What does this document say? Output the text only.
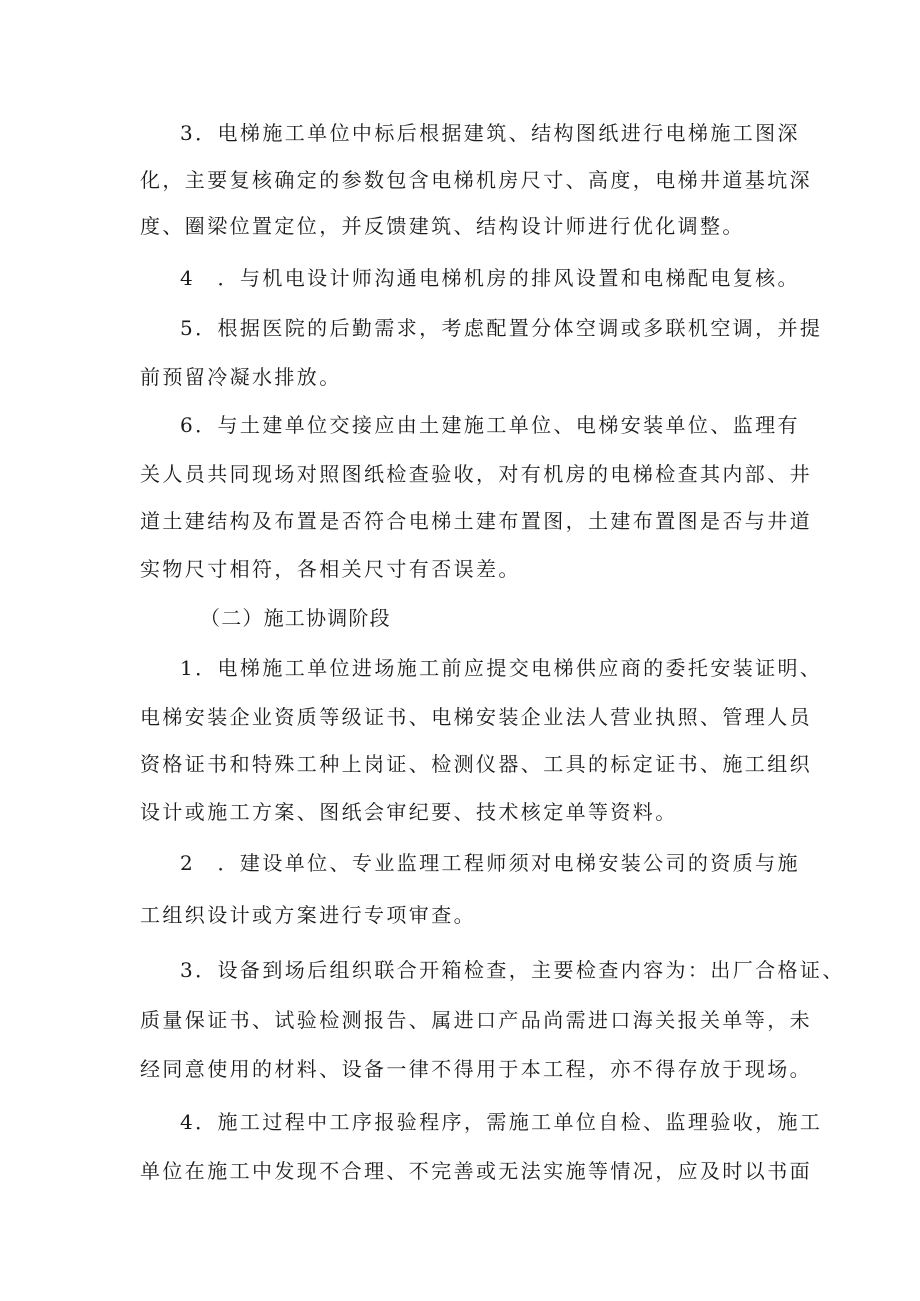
3．电梯施工单位中标后根据建筑、结构图纸进行电梯施工图深
化，主要复核确定的参数包含电梯机房尺寸、高度，电梯井道基坑深
度、圈梁位置定位，并反馈建筑、结构设计师进行优化调整。
4　．与机电设计师沟通电梯机房的排风设置和电梯配电复核。
5．根据医院的后勤需求，考虑配置分体空调或多联机空调，并提
前预留冷凝水排放。
6．与土建单位交接应由土建施工单位、电梯安装单位、监理有
关人员共同现场对照图纸检查验收，对有机房的电梯检查其内部、井
道土建结构及布置是否符合电梯土建布置图，土建布置图是否与井道
实物尺寸相符，各相关尺寸有否误差。
（二）施工协调阶段
1．电梯施工单位进场施工前应提交电梯供应商的委托安装证明、
电梯安装企业资质等级证书、电梯安装企业法人营业执照、管理人员
资格证书和特殊工种上岗证、检测仪器、工具的标定证书、施工组织
设计或施工方案、图纸会审纪要、技术核定单等资料。
2　．建设单位、专业监理工程师须对电梯安装公司的资质与施
工组织设计或方案进行专项审查。
3．设备到场后组织联合开箱检查，主要检查内容为：出厂合格证、
质量保证书、试验检测报告、属进口产品尚需进口海关报关单等，未
经同意使用的材料、设备一律不得用于本工程，亦不得存放于现场。
4．施工过程中工序报验程序，需施工单位自检、监理验收，施工
单位在施工中发现不合理、不完善或无法实施等情况，应及时以书面
